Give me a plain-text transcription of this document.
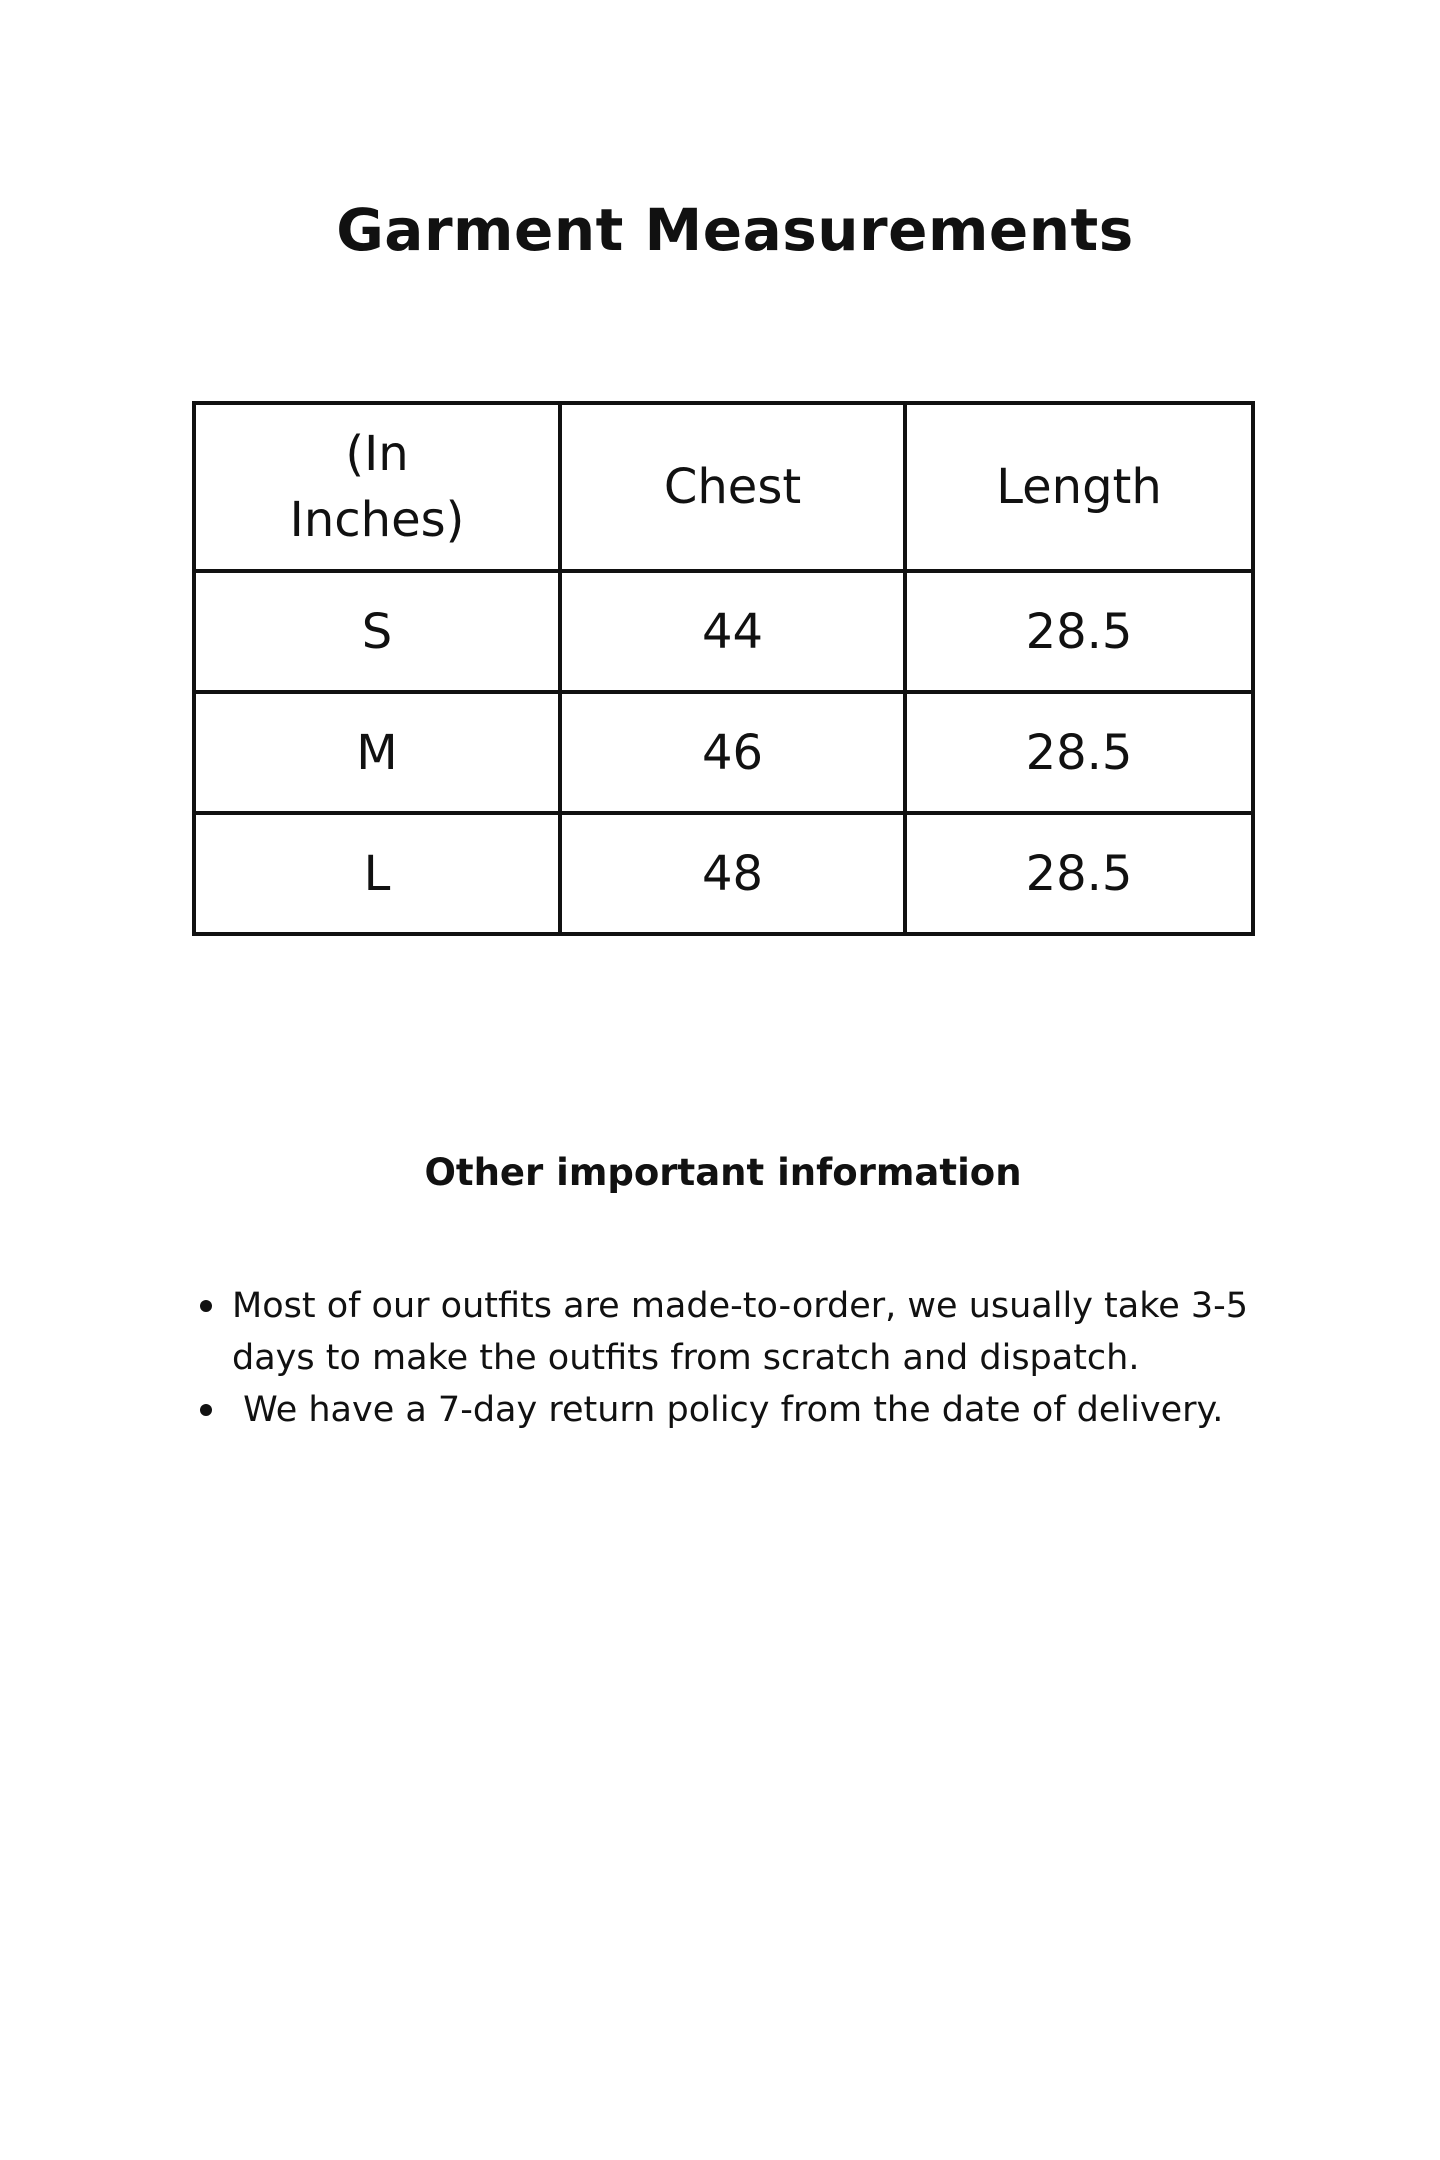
Garment Measurements
(In Inches)	Chest	Length
S	44	28.5
M	46	28.5
L	48	28.5
Other important information
Most of our outfits are made-to-order, we usually take 3-5 days to make the outfits from scratch and dispatch.
We have a 7-day return policy from the date of delivery.
